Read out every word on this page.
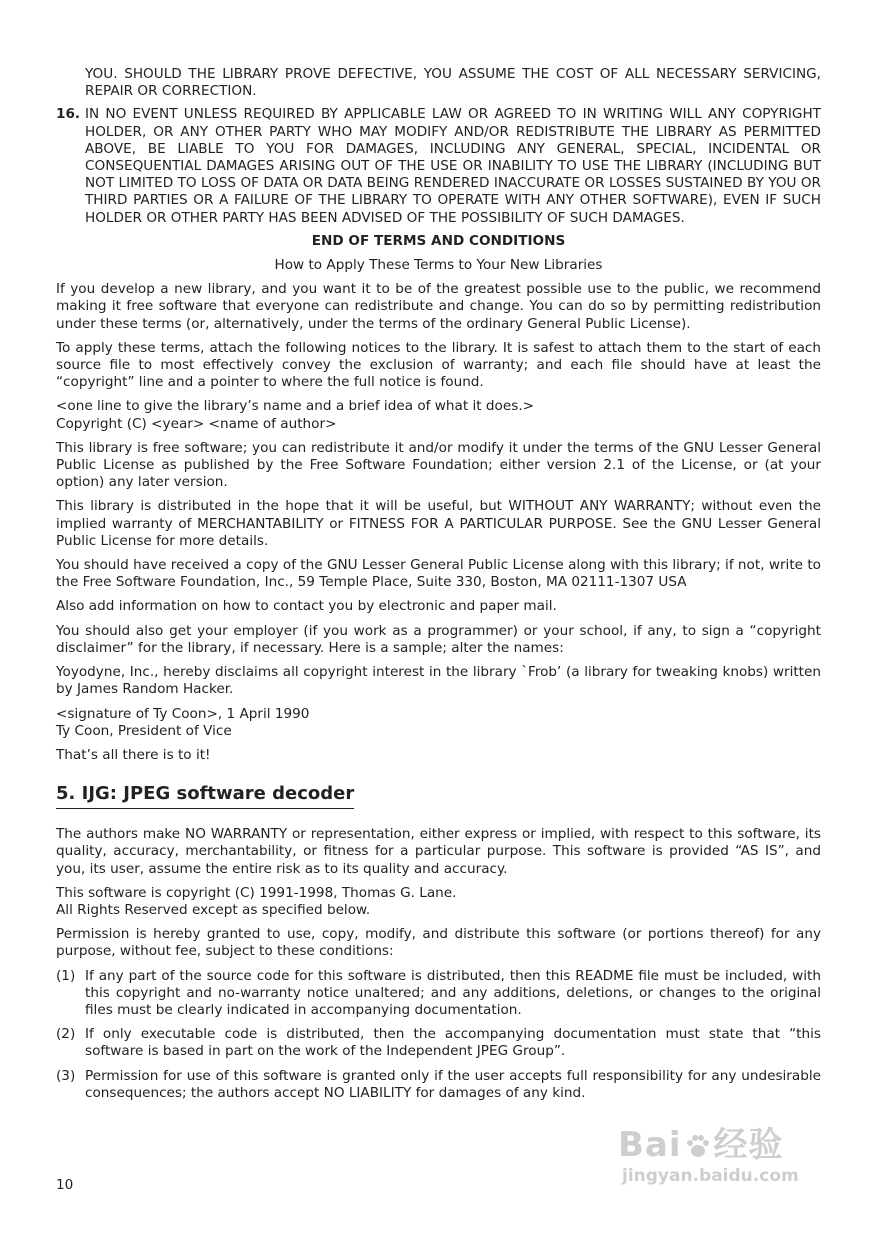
YOU. SHOULD THE LIBRARY PROVE DEFECTIVE, YOU ASSUME THE COST OF ALL NECESSARY SERVICING, REPAIR OR CORRECTION.

16. IN NO EVENT UNLESS REQUIRED BY APPLICABLE LAW OR AGREED TO IN WRITING WILL ANY COPYRIGHT HOLDER, OR ANY OTHER PARTY WHO MAY MODIFY AND/OR REDISTRIBUTE THE LIBRARY AS PERMITTED ABOVE, BE LIABLE TO YOU FOR DAMAGES, INCLUDING ANY GENERAL, SPECIAL, INCIDENTAL OR CONSEQUENTIAL DAMAGES ARISING OUT OF THE USE OR INABILITY TO USE THE LIBRARY (INCLUDING BUT NOT LIMITED TO LOSS OF DATA OR DATA BEING RENDERED INACCURATE OR LOSSES SUSTAINED BY YOU OR THIRD PARTIES OR A FAILURE OF THE LIBRARY TO OPERATE WITH ANY OTHER SOFTWARE), EVEN IF SUCH HOLDER OR OTHER PARTY HAS BEEN ADVISED OF THE POSSIBILITY OF SUCH DAMAGES.
END OF TERMS AND CONDITIONS
How to Apply These Terms to Your New Libraries

If you develop a new library, and you want it to be of the greatest possible use to the public, we recommend making it free software that everyone can redistribute and change. You can do so by permitting redistribution under these terms (or, alternatively, under the terms of the ordinary General Public License).

To apply these terms, attach the following notices to the library. It is safest to attach them to the start of each source file to most effectively convey the exclusion of warranty; and each file should have at least the “copyright” line and a pointer to where the full notice is found.

<one line to give the library’s name and a brief idea of what it does.>

Copyright (C) <year> <name of author>

This library is free software; you can redistribute it and/or modify it under the terms of the GNU Lesser General Public License as published by the Free Software Foundation; either version 2.1 of the License, or (at your option) any later version.

This library is distributed in the hope that it will be useful, but WITHOUT ANY WARRANTY; without even the implied warranty of MERCHANTABILITY or FITNESS FOR A PARTICULAR PURPOSE. See the GNU Lesser General Public License for more details.

You should have received a copy of the GNU Lesser General Public License along with this library; if not, write to the Free Software Foundation, Inc., 59 Temple Place, Suite 330, Boston, MA 02111-1307 USA

Also add information on how to contact you by electronic and paper mail.

You should also get your employer (if you work as a programmer) or your school, if any, to sign a “copyright disclaimer” for the library, if necessary. Here is a sample; alter the names:

Yoyodyne, Inc., hereby disclaims all copyright interest in the library `Frob’ (a library for tweaking knobs) written by James Random Hacker.

<signature of Ty Coon>, 1 April 1990

Ty Coon, President of Vice

That’s all there is to it!

5. IJG: JPEG software decoder

The authors make NO WARRANTY or representation, either express or implied, with respect to this software, its quality, accuracy, merchantability, or fitness for a particular purpose. This software is provided “AS IS”, and you, its user, assume the entire risk as to its quality and accuracy.

This software is copyright (C) 1991-1998, Thomas G. Lane.

All Rights Reserved except as specified below.

Permission is hereby granted to use, copy, modify, and distribute this software (or portions thereof) for any purpose, without fee, subject to these conditions:

(1) If any part of the source code for this software is distributed, then this README file must be included, with this copyright and no-warranty notice unaltered; and any additions, deletions, or changes to the original files must be clearly indicated in accompanying documentation.
(2) If only executable code is distributed, then the accompanying documentation must state that “this software is based in part on the work of the Independent JPEG Group”.
(3) Permission for use of this software is granted only if the user accepts full responsibility for any undesirable consequences; the authors accept NO LIABILITY for damages of any kind.
10
Bai 经验
jingyan.baidu.com
